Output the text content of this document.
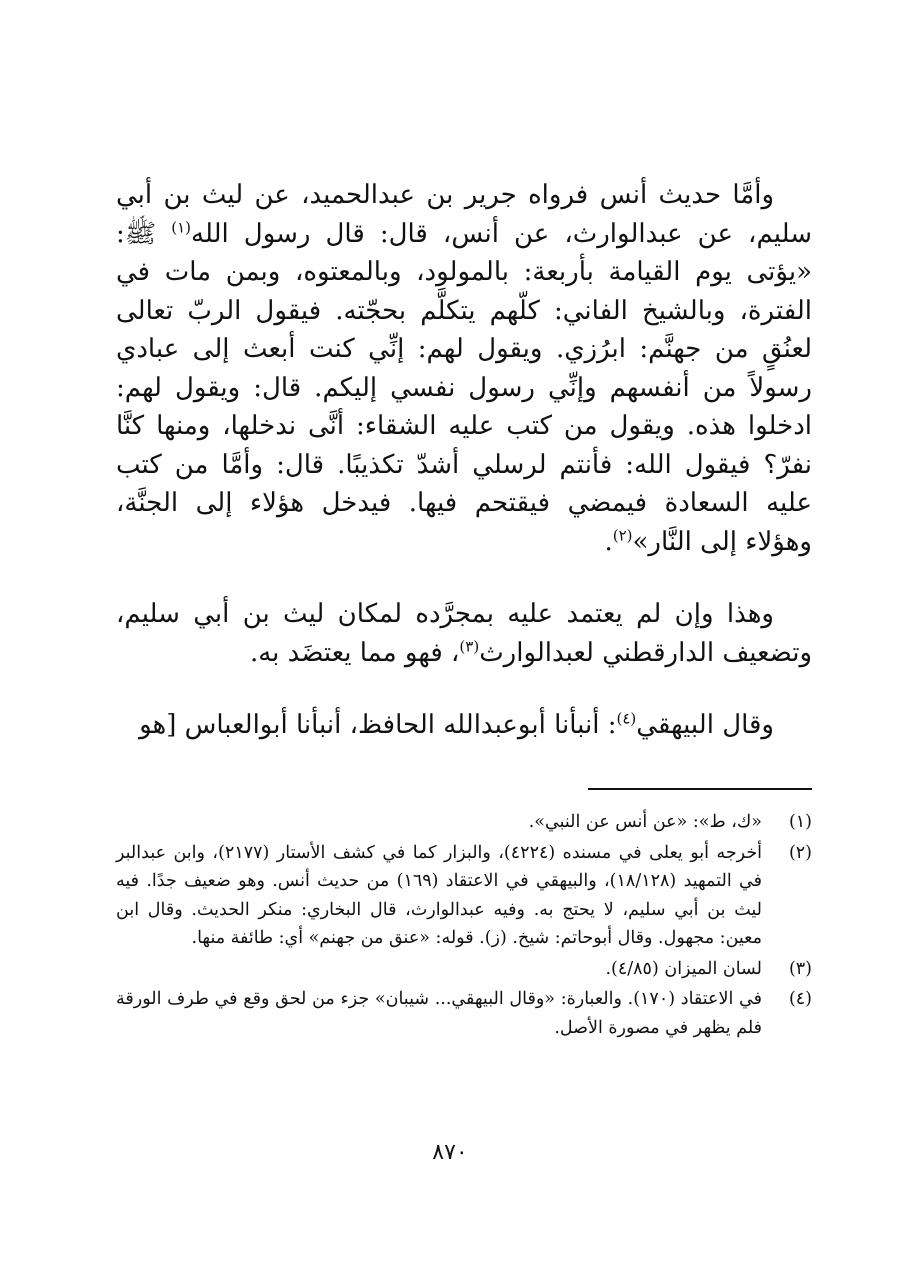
وأمَّا حديث أنس فرواه جرير بن عبدالحميد، عن ليث بن أبي سليم، عن عبدالوارث، عن أنس، قال: قال رسول الله$^{(١)}$ ﷺ: «يؤتى يوم القيامة بأربعة: بالمولود، وبالمعتوه، وبمن مات في الفترة، وبالشيخ الفاني: كلّهم يتكلَّم بحجّته. فيقول الربّ تعالى لعنُقٍ من جهنَّم: ابرُزي. ويقول لهم: إنِّي كنت أبعث إلى عبادي رسولاً من أنفسهم وإنِّي رسول نفسي إليكم. قال: ويقول لهم: ادخلوا هذه. ويقول من كتب عليه الشقاء: أنَّى ندخلها، ومنها كنَّا نفرّ؟ فيقول الله: فأنتم لرسلي أشدّ تكذيبًا. قال: وأمَّا من كتب عليه السعادة فيمضي فيقتحم فيها. فيدخل هؤلاء إلى الجنَّة، وهؤلاء إلى النَّار»$^{(٢)}$.

وهذا وإن لم يعتمد عليه بمجرَّده لمكان ليث بن أبي سليم، وتضعيف الدارقطني لعبدالوارث$^{(٣)}$، فهو مما يعتضَد به.

وقال البيهقي$^{(٤)}$: أنبأنا أبوعبدالله الحافظ، أنبأنا أبوالعباس [هو

(١)
«ك، ط»: «عن أنس عن النبي».
(٢)
أخرجه أبو يعلى في مسنده (٤٢٢٤)، والبزار كما في كشف الأستار (٢١٧٧)، وابن عبدالبر في التمهيد (١٨/١٢٨)، والبيهقي في الاعتقاد (١٦٩) من حديث أنس. وهو ضعيف جدًا. فيه ليث بن أبي سليم، لا يحتج به. وفيه عبدالوارث، قال البخاري: منكر الحديث. وقال ابن معين: مجهول. وقال أبوحاتم: شيخ. (ز). قوله: «عنق من جهنم» أي: طائفة منها.
(٣)
لسان الميزان (٤/٨٥).
(٤)
في الاعتقاد (١٧٠). والعبارة: «وقال البيهقي... شيبان» جزء من لحق وقع في طرف الورقة فلم يظهر في مصورة الأصل.
٨٧٠
